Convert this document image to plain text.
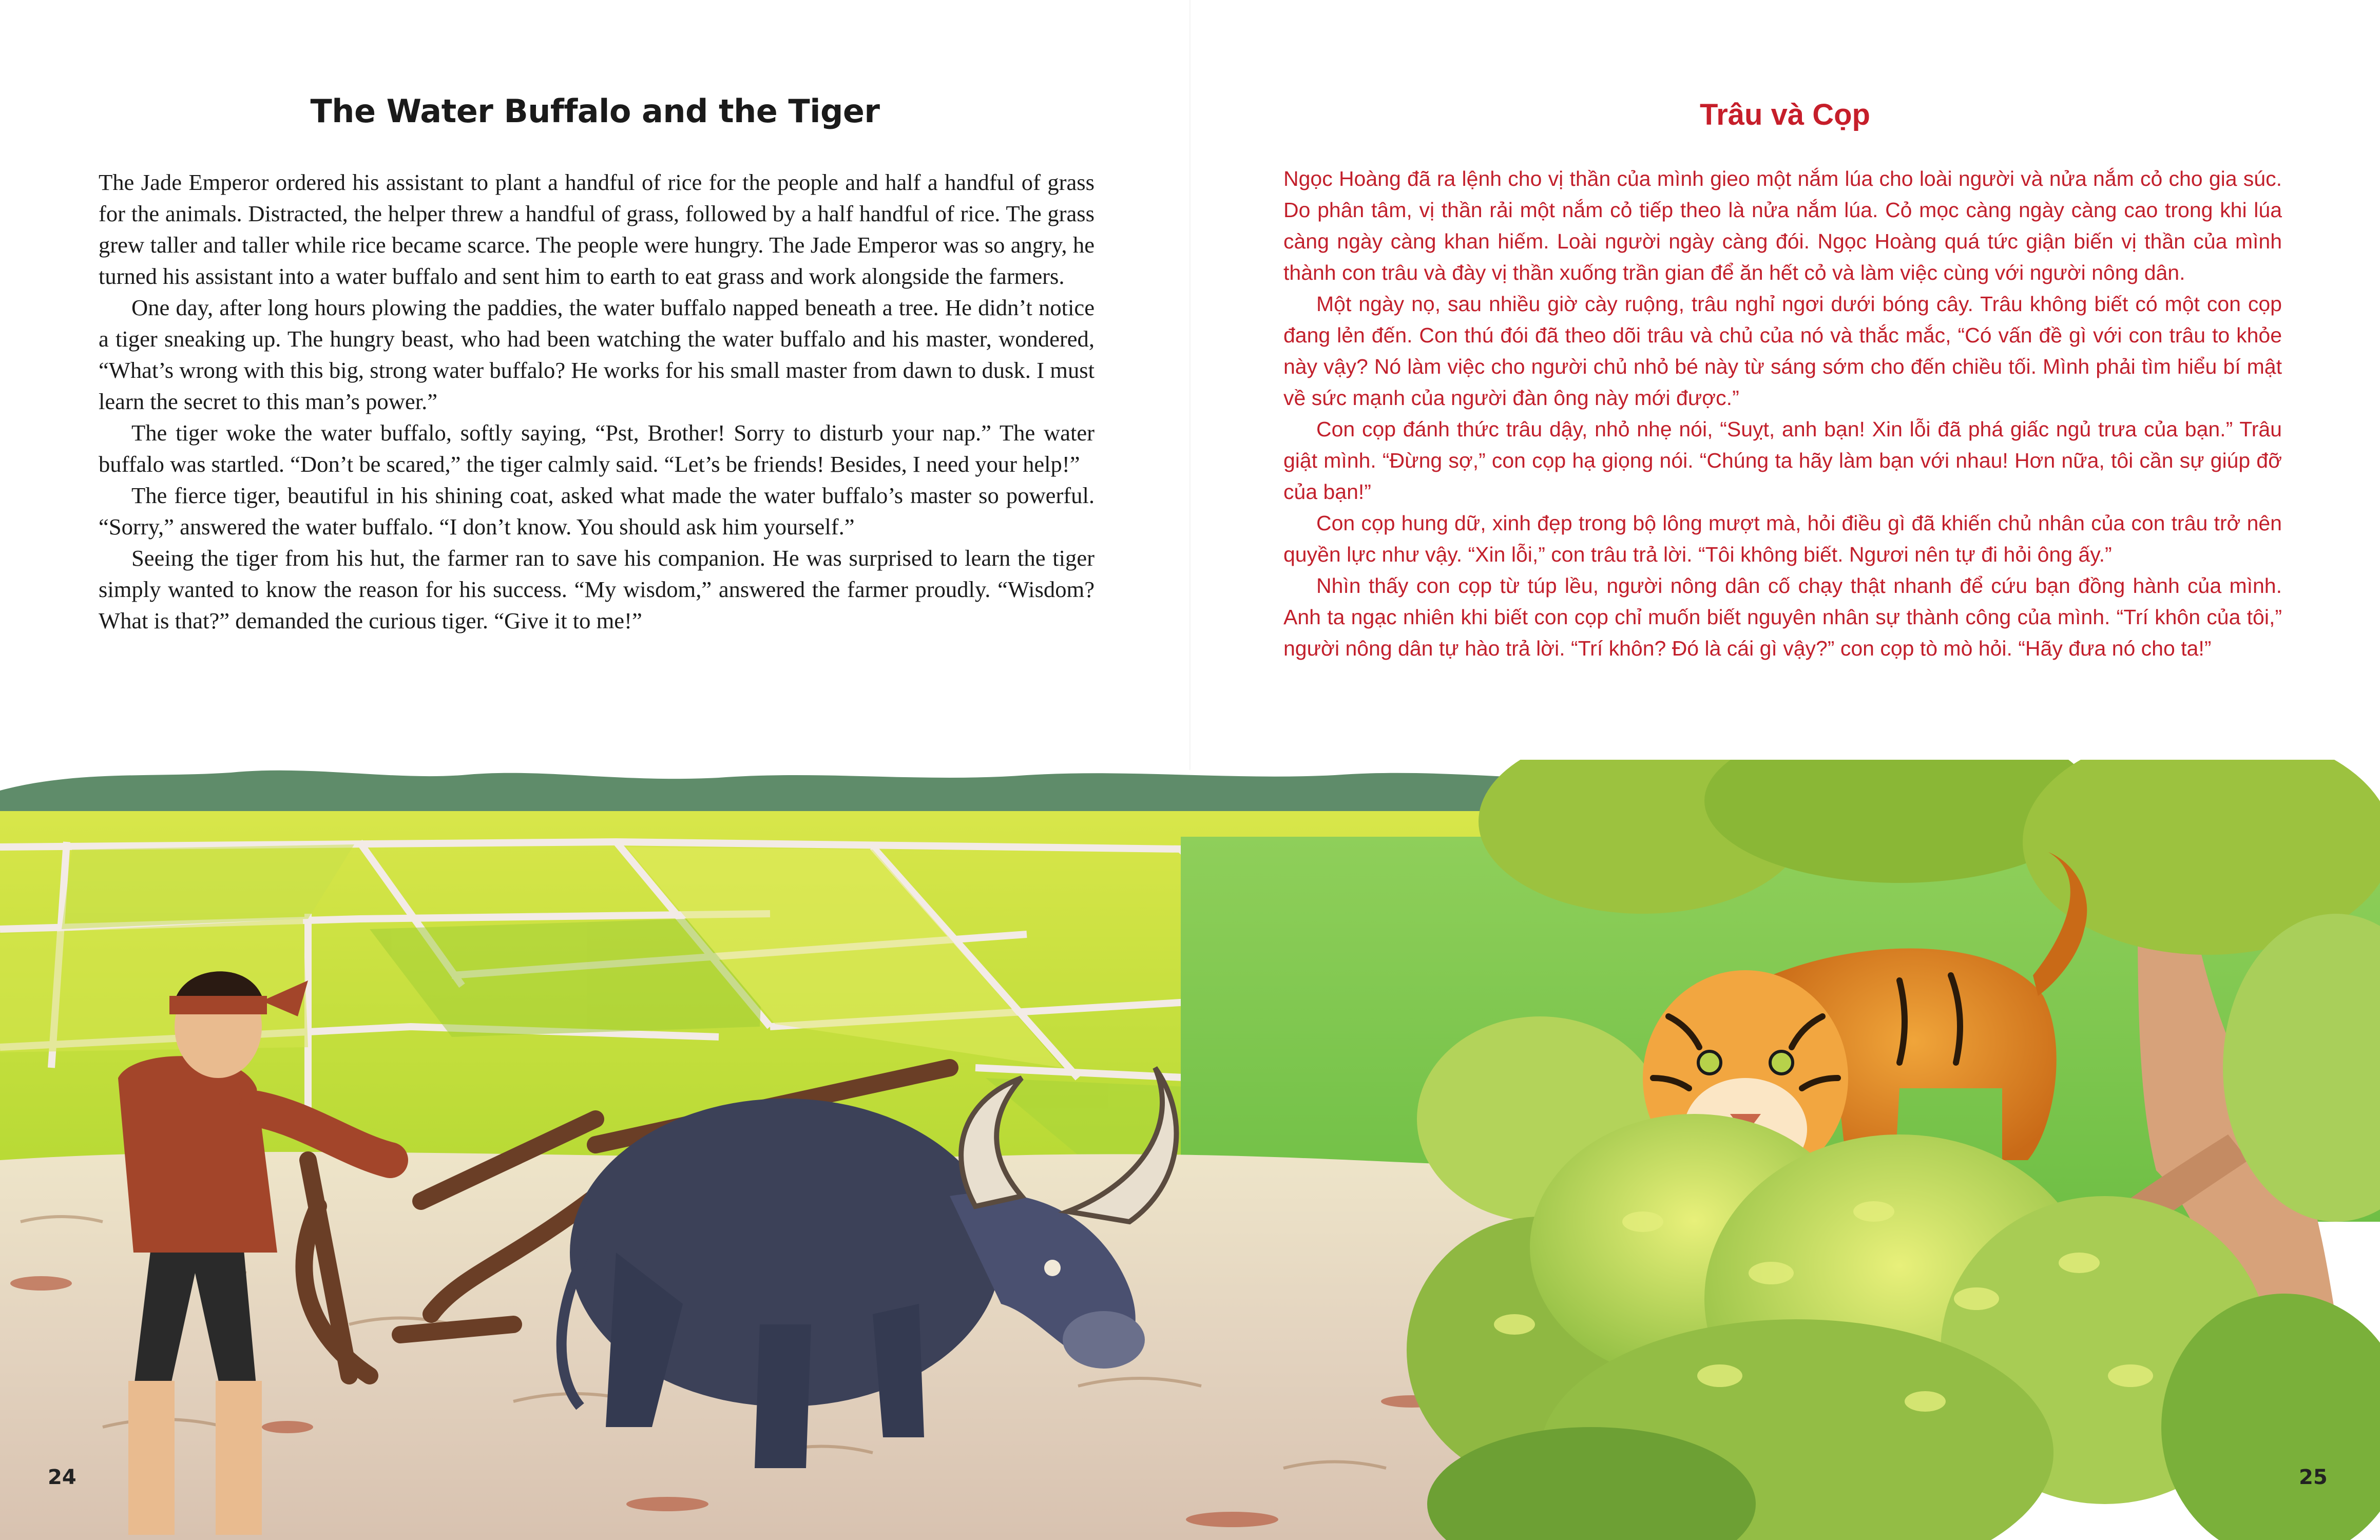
The Water Buffalo and the Tiger

The Jade Emperor ordered his assistant to plant a handful of rice for the people and half a handful of grass for the animals. Distracted, the helper threw a handful of grass, followed by a half handful of rice. The grass grew taller and taller while rice became scarce. The people were hungry. The Jade Emperor was so angry, he turned his assistant into a water buffalo and sent him to earth to eat grass and work alongside the farmers.

One day, after long hours plowing the paddies, the water buffalo napped beneath a tree. He didn’t notice a tiger sneaking up. The hungry beast, who had been watching the water buffalo and his master, wondered, “What’s wrong with this big, strong water buffalo? He works for his small master from dawn to dusk. I must learn the secret to this man’s power.”

The tiger woke the water buffalo, softly saying, “Pst, Brother! Sorry to disturb your nap.” The water buffalo was startled. “Don’t be scared,” the tiger calmly said. “Let’s be friends! Besides, I need your help!”

The fierce tiger, beautiful in his shining coat, asked what made the water buffalo’s master so powerful. “Sorry,” answered the water buffalo. “I don’t know. You should ask him yourself.”

Seeing the tiger from his hut, the farmer ran to save his companion. He was surprised to learn the tiger simply wanted to know the reason for his success. “My wisdom,” answered the farmer proudly. “Wisdom? What is that?” demanded the curious tiger. “Give it to me!”

Trâu và Cọp

Ngọc Hoàng đã ra lệnh cho vị thần của mình gieo một nắm lúa cho loài người và nửa nắm cỏ cho gia súc. Do phân tâm, vị thần rải một nắm cỏ tiếp theo là nửa nắm lúa. Cỏ mọc càng ngày càng cao trong khi lúa càng ngày càng khan hiếm. Loài người ngày càng đói. Ngọc Hoàng quá tức giận biến vị thần của mình thành con trâu và đày vị thần xuống trần gian để ăn hết cỏ và làm việc cùng với người nông dân.

Một ngày nọ, sau nhiều giờ cày ruộng, trâu nghỉ ngơi dưới bóng cây. Trâu không biết có một con cọp đang lẻn đến. Con thú đói đã theo dõi trâu và chủ của nó và thắc mắc, “Có vấn đề gì với con trâu to khỏe này vậy? Nó làm việc cho người chủ nhỏ bé này từ sáng sớm cho đến chiều tối. Mình phải tìm hiểu bí mật về sức mạnh của người đàn ông này mới được.”

Con cọp đánh thức trâu dậy, nhỏ nhẹ nói, “Suỵt, anh bạn! Xin lỗi đã phá giấc ngủ trưa của bạn.” Trâu giật mình. “Đừng sợ,” con cọp hạ giọng nói. “Chúng ta hãy làm bạn với nhau! Hơn nữa, tôi cần sự giúp đỡ của bạn!”

Con cọp hung dữ, xinh đẹp trong bộ lông mượt mà, hỏi điều gì đã khiến chủ nhân của con trâu trở nên quyền lực như vậy. “Xin lỗi,” con trâu trả lời. “Tôi không biết. Ngươi nên tự đi hỏi ông ấy.”

Nhìn thấy con cọp từ túp lều, người nông dân cố chạy thật nhanh để cứu bạn đồng hành của mình. Anh ta ngạc nhiên khi biết con cọp chỉ muốn biết nguyên nhân sự thành công của mình. “Trí khôn của tôi,” người nông dân tự hào trả lời. “Trí khôn? Đó là cái gì vậy?” con cọp tò mò hỏi. “Hãy đưa nó cho ta!”

24	25
